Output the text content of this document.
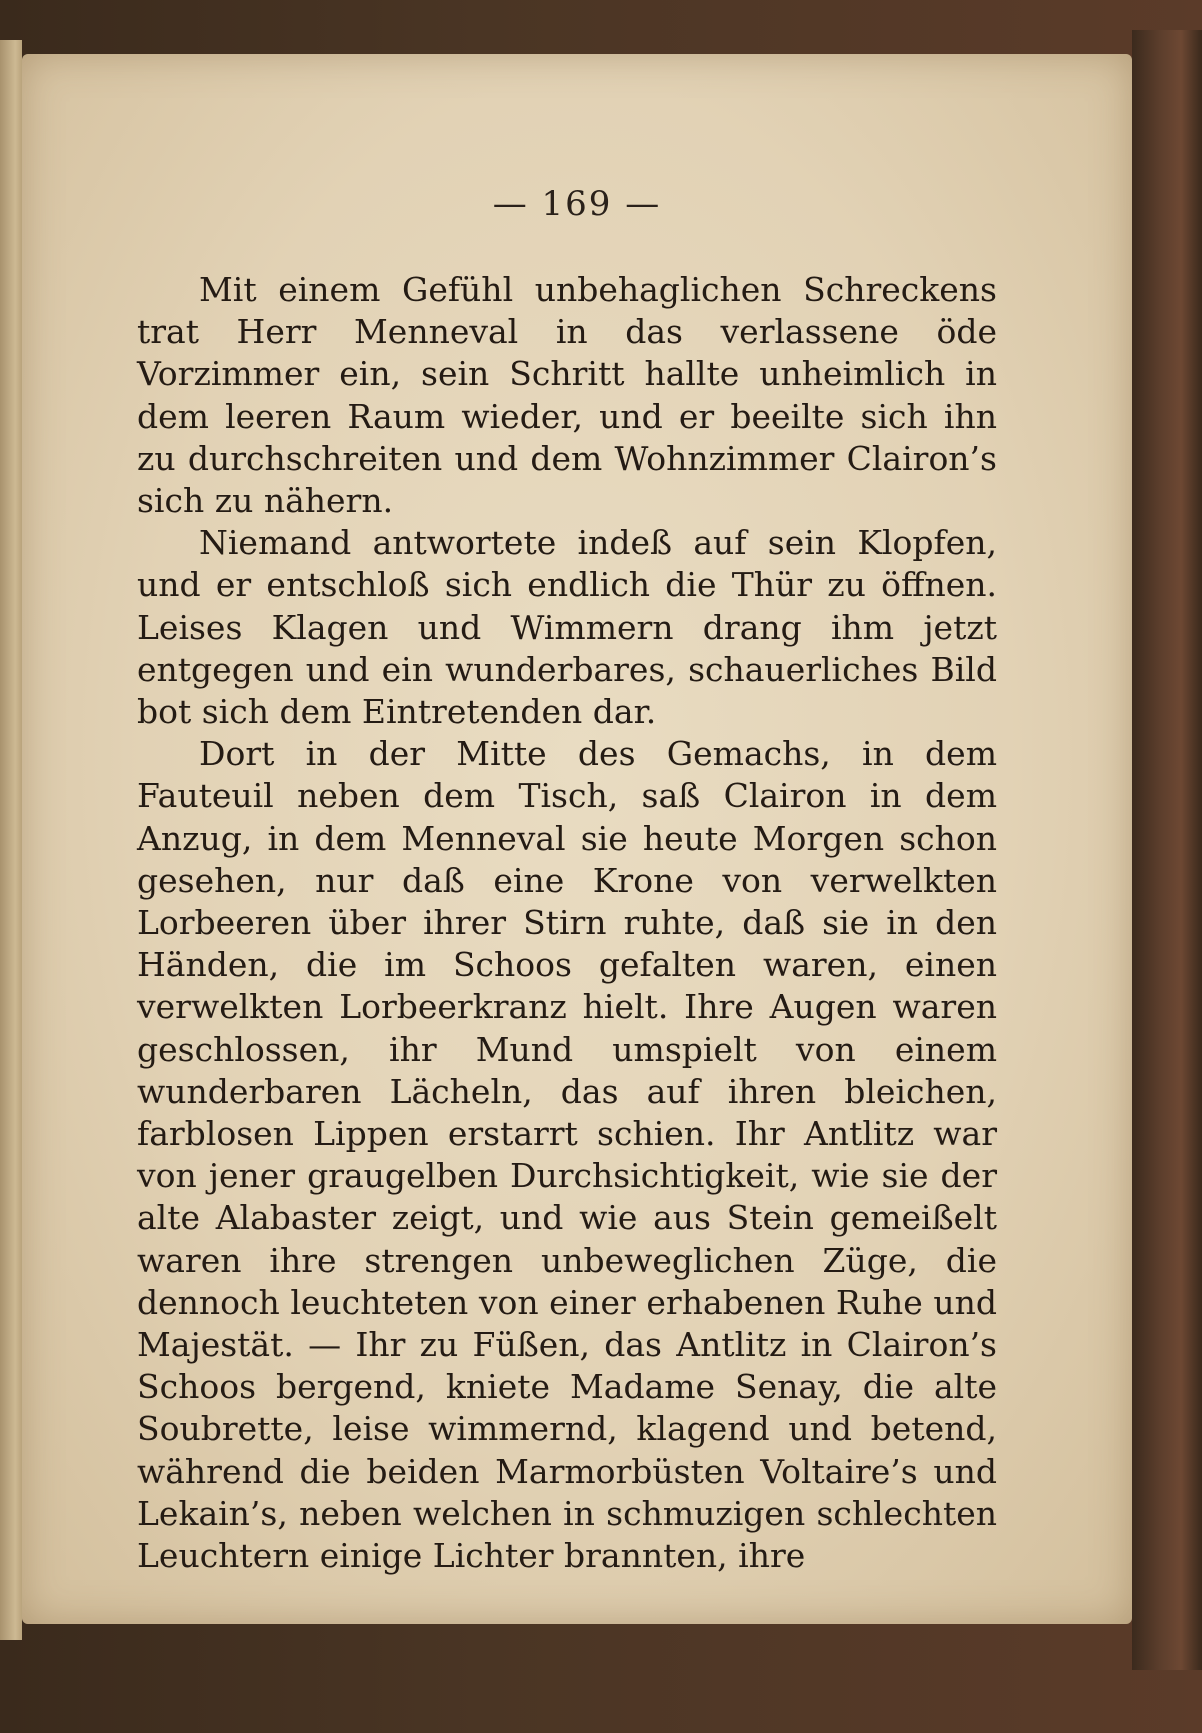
— 169 —

Mit einem Gefühl unbehaglichen Schreckens trat Herr Menneval in das verlassene öde Vorzimmer ein, sein Schritt hallte unheimlich in dem leeren Raum wieder, und er beeilte sich ihn zu durchschreiten und dem Wohnzimmer Clairon’s sich zu nähern.

Niemand antwortete indeß auf sein Klopfen, und er entschloß sich endlich die Thür zu öffnen. Leises Klagen und Wimmern drang ihm jetzt entgegen und ein wunderbares, schauerliches Bild bot sich dem Eintretenden dar.

Dort in der Mitte des Gemachs, in dem Fauteuil neben dem Tisch, saß Clairon in dem Anzug, in dem Menneval sie heute Morgen schon gesehen, nur daß eine Krone von verwelkten Lorbeeren über ihrer Stirn ruhte, daß sie in den Händen, die im Schoos gefalten waren, einen verwelkten Lorbeerkranz hielt. Ihre Augen waren geschlossen, ihr Mund umspielt von einem wunderbaren Lächeln, das auf ihren bleichen, farblosen Lippen erstarrt schien. Ihr Antlitz war von jener graugelben Durchsichtigkeit, wie sie der alte Alabaster zeigt, und wie aus Stein gemeißelt waren ihre strengen unbeweglichen Züge, die dennoch leuchteten von einer erhabenen Ruhe und Majestät. — Ihr zu Füßen, das Antlitz in Clairon’s Schoos bergend, kniete Madame Senay, die alte Soubrette, leise wimmernd, klagend und betend, während die beiden Marmorbüsten Voltaire’s und Lekain’s, neben welchen in schmuzigen schlechten Leuchtern einige Lichter brannten, ihre
